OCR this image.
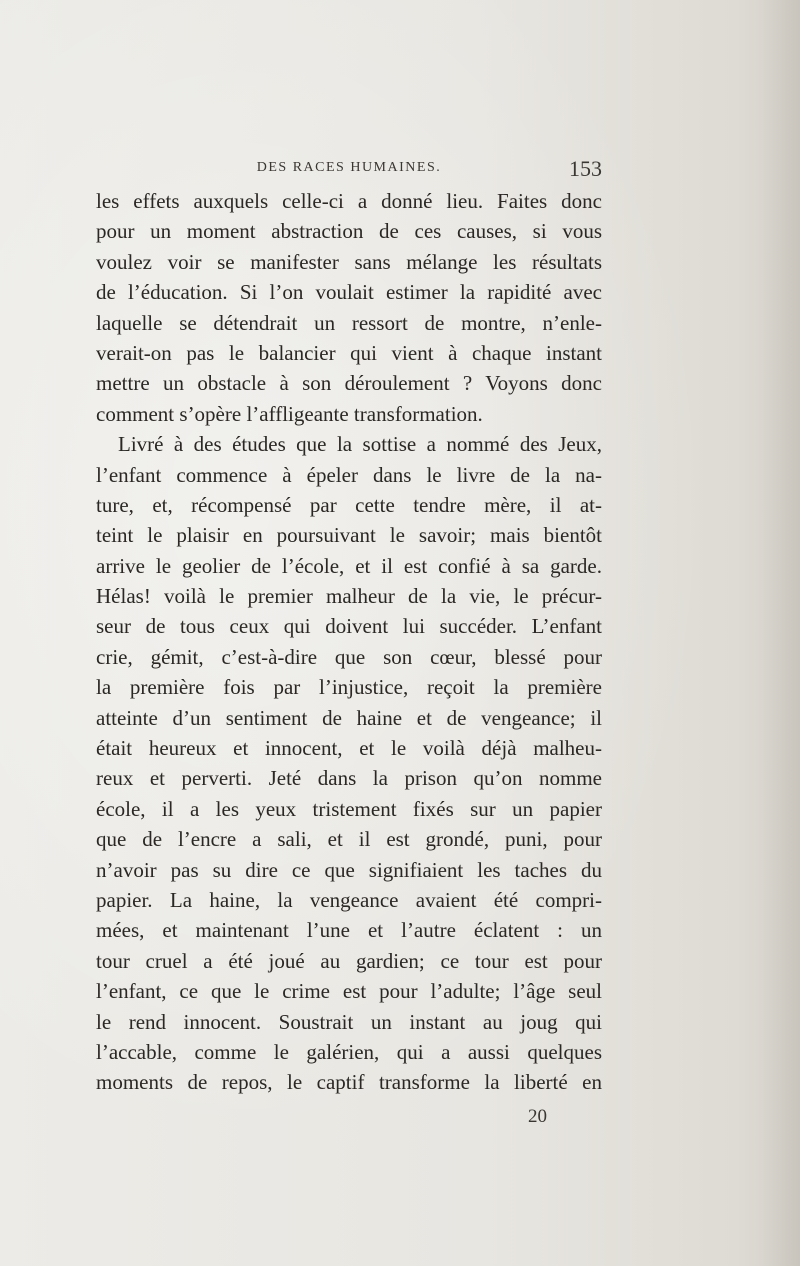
DES RACES HUMAINES.	153
les effets auxquels celle-ci a donné lieu. Faites donc
pour un moment abstraction de ces causes, si vous
voulez voir se manifester sans mélange les résultats
de l’éducation. Si l’on voulait estimer la rapidité avec
laquelle se détendrait un ressort de montre, n’enle-
verait-on pas le balancier qui vient à chaque instant
mettre un obstacle à son déroulement ? Voyons donc
comment s’opère l’affligeante transformation.
Livré à des études que la sottise a nommé des Jeux,
l’enfant commence à épeler dans le livre de la na-
ture, et, récompensé par cette tendre mère, il at-
teint le plaisir en poursuivant le savoir; mais bientôt
arrive le geolier de l’école, et il est confié à sa garde.
Hélas! voilà le premier malheur de la vie, le précur-
seur de tous ceux qui doivent lui succéder. L’enfant
crie, gémit, c’est-à-dire que son cœur, blessé pour
la première fois par l’injustice, reçoit la première
atteinte d’un sentiment de haine et de vengeance; il
était heureux et innocent, et le voilà déjà malheu-
reux et perverti. Jeté dans la prison qu’on nomme
école, il a les yeux tristement fixés sur un papier
que de l’encre a sali, et il est grondé, puni, pour
n’avoir pas su dire ce que signifiaient les taches du
papier. La haine, la vengeance avaient été compri-
mées, et maintenant l’une et l’autre éclatent : un
tour cruel a été joué au gardien; ce tour est pour
l’enfant, ce que le crime est pour l’adulte; l’âge seul
le rend innocent. Soustrait un instant au joug qui
l’accable, comme le galérien, qui a aussi quelques
moments de repos, le captif transforme la liberté en
20
